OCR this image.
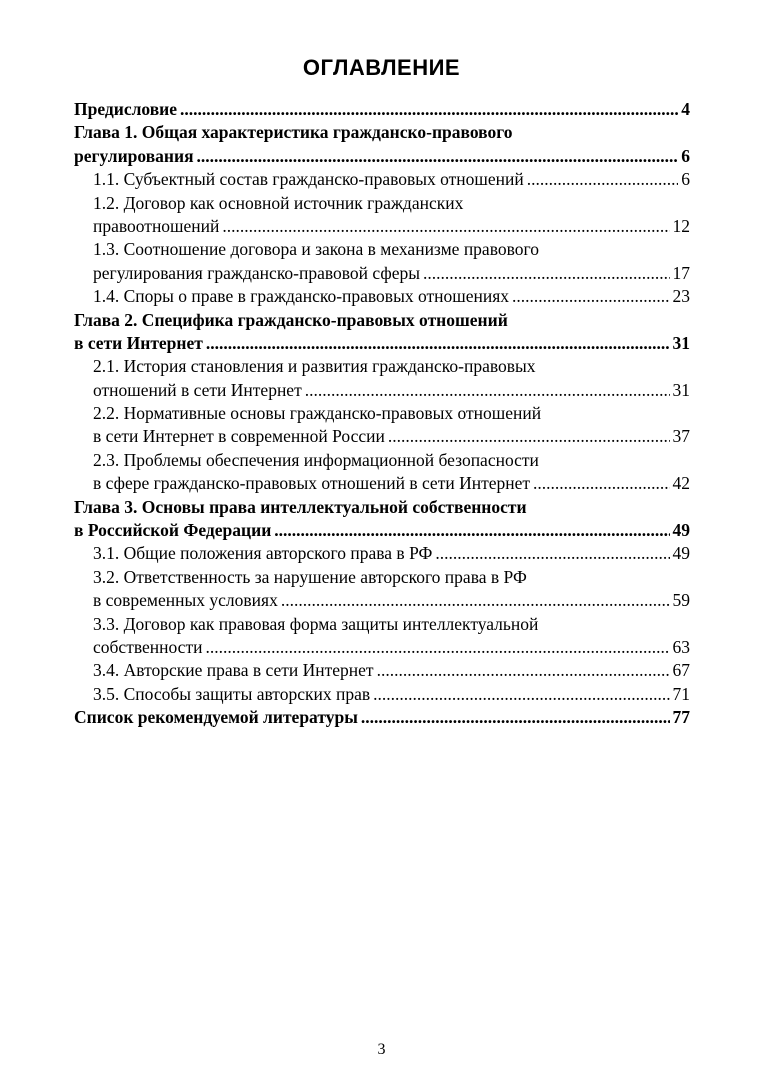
ОГЛАВЛЕНИЕ
Предисловие .....	4
Глава 1. Общая характеристика гражданско-правового
регулирования .....	6
1.1. Субъектный состав гражданско-правовых отношений .....	6
1.2. Договор как основной источник гражданских
правоотношений .....	12
1.3. Соотношение договора и закона в механизме правового
регулирования гражданско-правовой сферы .....	17
1.4. Споры о праве в гражданско-правовых отношениях .....	23
Глава 2. Специфика гражданско-правовых отношений
в сети Интернет .....	31
2.1. История становления и развития гражданско-правовых
отношений в сети Интернет .....	31
2.2. Нормативные основы гражданско-правовых отношений
в сети Интернет в современной России .....	37
2.3. Проблемы обеспечения информационной безопасности
в сфере гражданско-правовых отношений в сети Интернет .....	42
Глава 3. Основы права интеллектуальной собственности
в Российской Федерации .....	49
3.1. Общие положения авторского права в РФ .....	49
3.2. Ответственность за нарушение авторского права в РФ
в современных условиях .....	59
3.3. Договор как правовая форма защиты интеллектуальной
собственности .....	63
3.4. Авторские права в сети Интернет .....	67
3.5. Способы защиты авторских прав .....	71
Список рекомендуемой литературы .....	77
3
